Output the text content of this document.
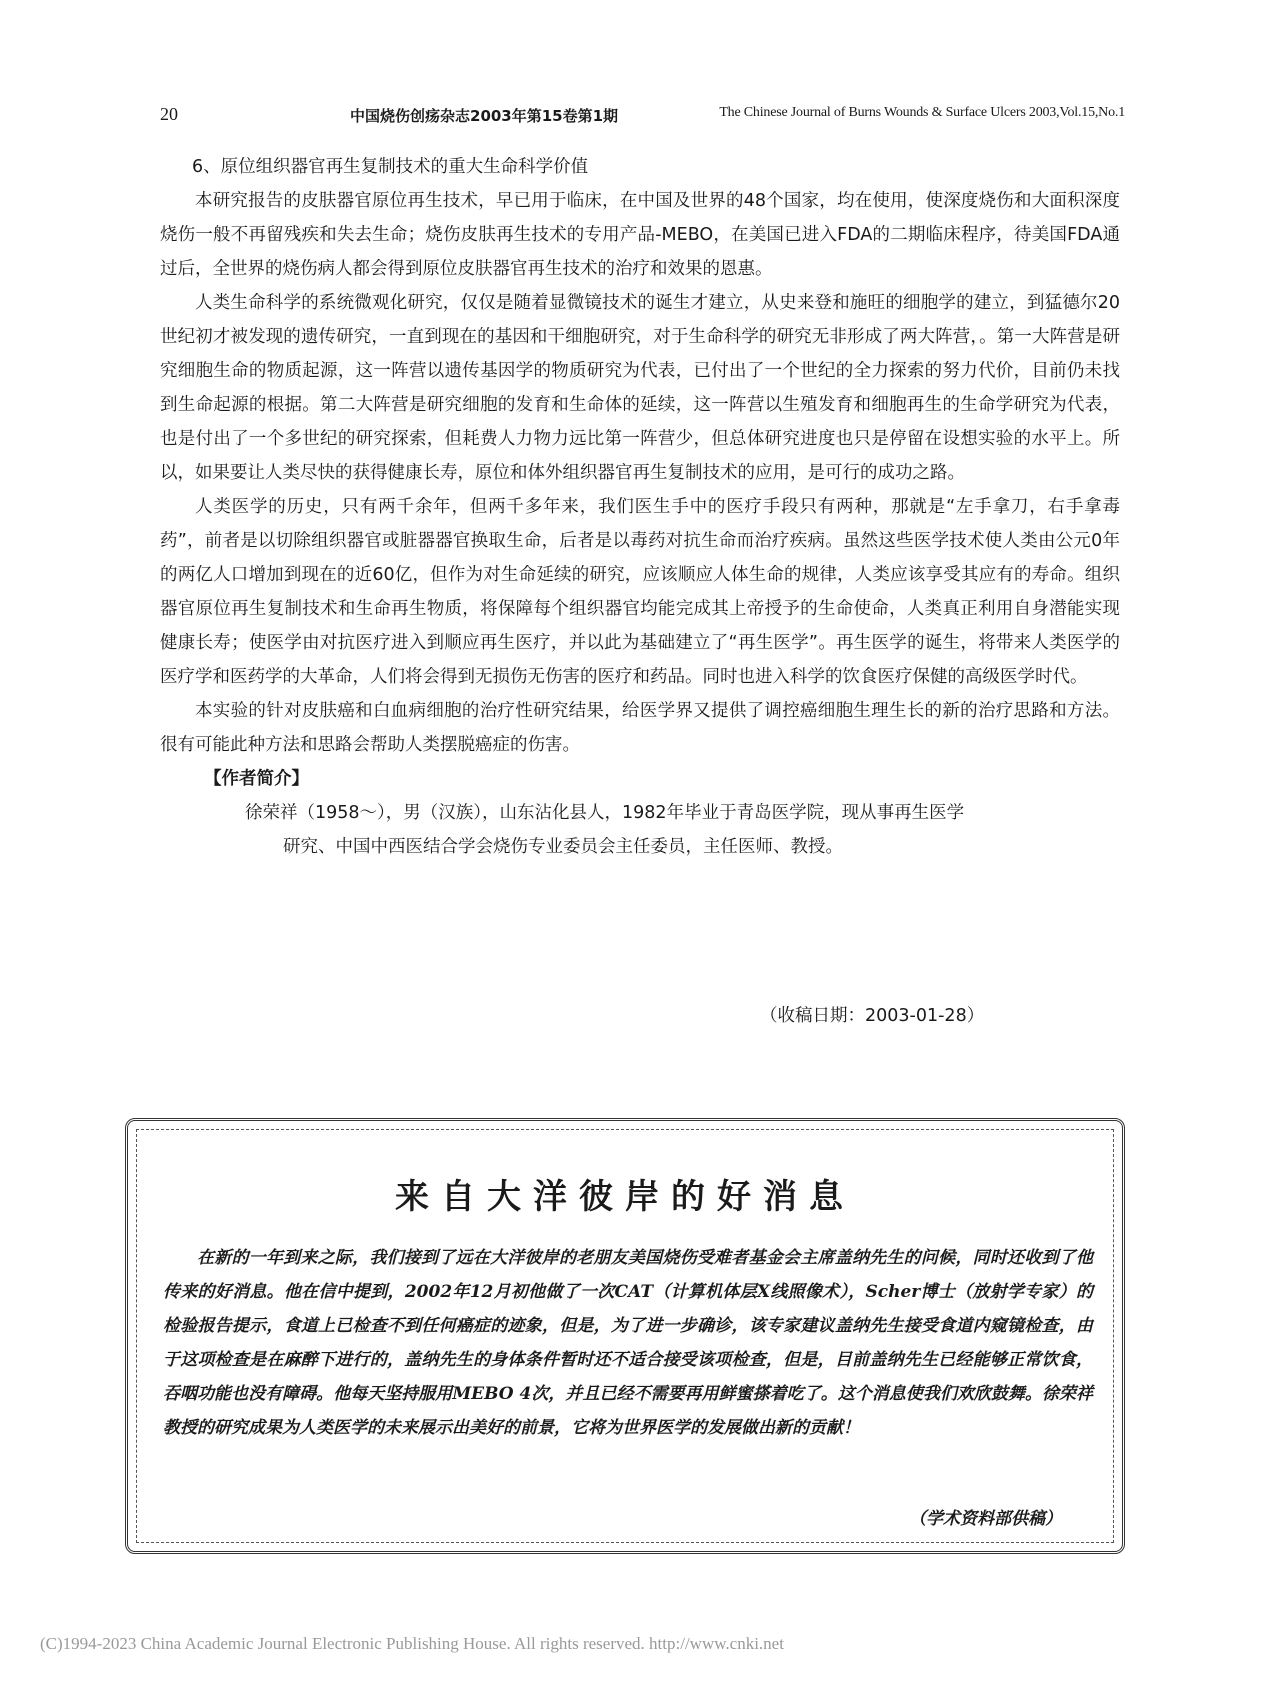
20	中国烧伤创疡杂志2003年第15卷第1期	The Chinese Journal of Burns Wounds & Surface Ulcers 2003,Vol.15,No.1

6、原位组织器官再生复制技术的重大生命科学价值

本研究报告的皮肤器官原位再生技术，早已用于临床，在中国及世界的48个国家，均在使用，使深度烧伤和大面积深度烧伤一般不再留残疾和失去生命；烧伤皮肤再生技术的专用产品-MEBO，在美国已进入FDA的二期临床程序，待美国FDA通过后，全世界的烧伤病人都会得到原位皮肤器官再生技术的治疗和效果的恩惠。

人类生命科学的系统微观化研究，仅仅是随着显微镜技术的诞生才建立，从史来登和施旺的细胞学的建立，到猛德尔20世纪初才被发现的遗传研究，一直到现在的基因和干细胞研究，对于生命科学的研究无非形成了两大阵营，。第一大阵营是研究细胞生命的物质起源，这一阵营以遗传基因学的物质研究为代表，已付出了一个世纪的全力探索的努力代价，目前仍未找到生命起源的根据。第二大阵营是研究细胞的发育和生命体的延续，这一阵营以生殖发育和细胞再生的生命学研究为代表，也是付出了一个多世纪的研究探索，但耗费人力物力远比第一阵营少，但总体研究进度也只是停留在设想实验的水平上。所以，如果要让人类尽快的获得健康长寿，原位和体外组织器官再生复制技术的应用，是可行的成功之路。

人类医学的历史，只有两千余年，但两千多年来，我们医生手中的医疗手段只有两种，那就是“左手拿刀，右手拿毒药”，前者是以切除组织器官或脏器器官换取生命，后者是以毒药对抗生命而治疗疾病。虽然这些医学技术使人类由公元0年的两亿人口增加到现在的近60亿，但作为对生命延续的研究，应该顺应人体生命的规律，人类应该享受其应有的寿命。组织器官原位再生复制技术和生命再生物质，将保障每个组织器官均能完成其上帝授予的生命使命，人类真正利用自身潜能实现健康长寿；使医学由对抗医疗进入到顺应再生医疗，并以此为基础建立了“再生医学”。再生医学的诞生，将带来人类医学的医疗学和医药学的大革命，人们将会得到无损伤无伤害的医疗和药品。同时也进入科学的饮食医疗保健的高级医学时代。

本实验的针对皮肤癌和白血病细胞的治疗性研究结果，给医学界又提供了调控癌细胞生理生长的新的治疗思路和方法。很有可能此种方法和思路会帮助人类摆脱癌症的伤害。

【作者简介】

徐荣祥（1958～），男（汉族），山东沾化县人，1982年毕业于青岛医学院，现从事再生医学
研究、中国中西医结合学会烧伤专业委员会主任委员，主任医师、教授。

（收稿日期：2003-01-28）
来自大洋彼岸的好消息
在新的一年到来之际，我们接到了远在大洋彼岸的老朋友美国烧伤受难者基金会主席盖纳先生的问候，同时还收到了他传来的好消息。他在信中提到，2002年12月初他做了一次CAT（计算机体层X线照像术），Scher博士（放射学专家）的检验报告提示，食道上已检查不到任何癌症的迹象，但是，为了进一步确诊，该专家建议盖纳先生接受食道内窥镜检查，由于这项检查是在麻醉下进行的，盖纳先生的身体条件暂时还不适合接受该项检查，但是，目前盖纳先生已经能够正常饮食，吞咽功能也没有障碍。他每天坚持服用MEBO 4次，并且已经不需要再用鲜蜜搽着吃了。这个消息使我们欢欣鼓舞。徐荣祥教授的研究成果为人类医学的未来展示出美好的前景，它将为世界医学的发展做出新的贡献！
（学术资料部供稿）
(C)1994-2023 China Academic Journal Electronic Publishing House. All rights reserved. http://www.cnki.net
